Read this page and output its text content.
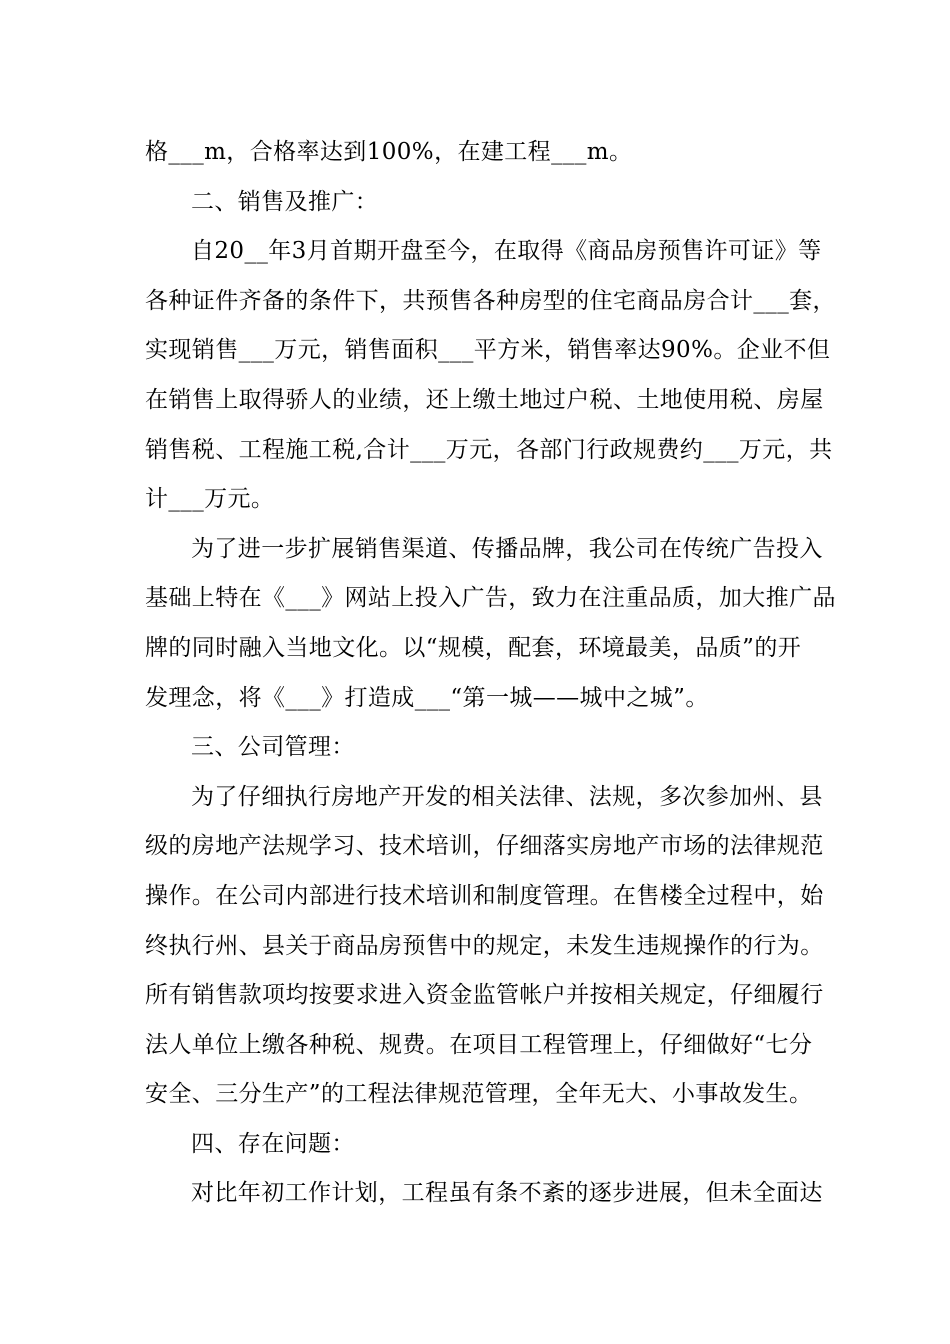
格___m，合格率达到100%，在建工程___m。
二、销售及推广：
自20__年3月首期开盘至今，在取得《商品房预售许可证》等
各种证件齐备的条件下，共预售各种房型的住宅商品房合计___套，
实现销售___万元，销售面积___平方米，销售率达90%。企业不但
在销售上取得骄人的业绩，还上缴土地过户税、土地使用税、房屋
销售税、工程施工税,合计___万元，各部门行政规费约___万元，共
计___万元。
为了进一步扩展销售渠道、传播品牌，我公司在传统广告投入
基础上特在《___》网站上投入广告，致力在注重品质，加大推广品
牌的同时融入当地文化。以“规模，配套，环境最美，品质”的开
发理念，将《___》打造成___“第一城——城中之城”。
三、公司管理：
为了仔细执行房地产开发的相关法律、法规，多次参加州、县
级的房地产法规学习、技术培训，仔细落实房地产市场的法律规范
操作。在公司内部进行技术培训和制度管理。在售楼全过程中，始
终执行州、县关于商品房预售中的规定，未发生违规操作的行为。
所有销售款项均按要求进入资金监管帐户并按相关规定，仔细履行
法人单位上缴各种税、规费。在项目工程管理上，仔细做好“七分
安全、三分生产”的工程法律规范管理，全年无大、小事故发生。
四、存在问题：
对比年初工作计划，工程虽有条不紊的逐步进展，但未全面达
